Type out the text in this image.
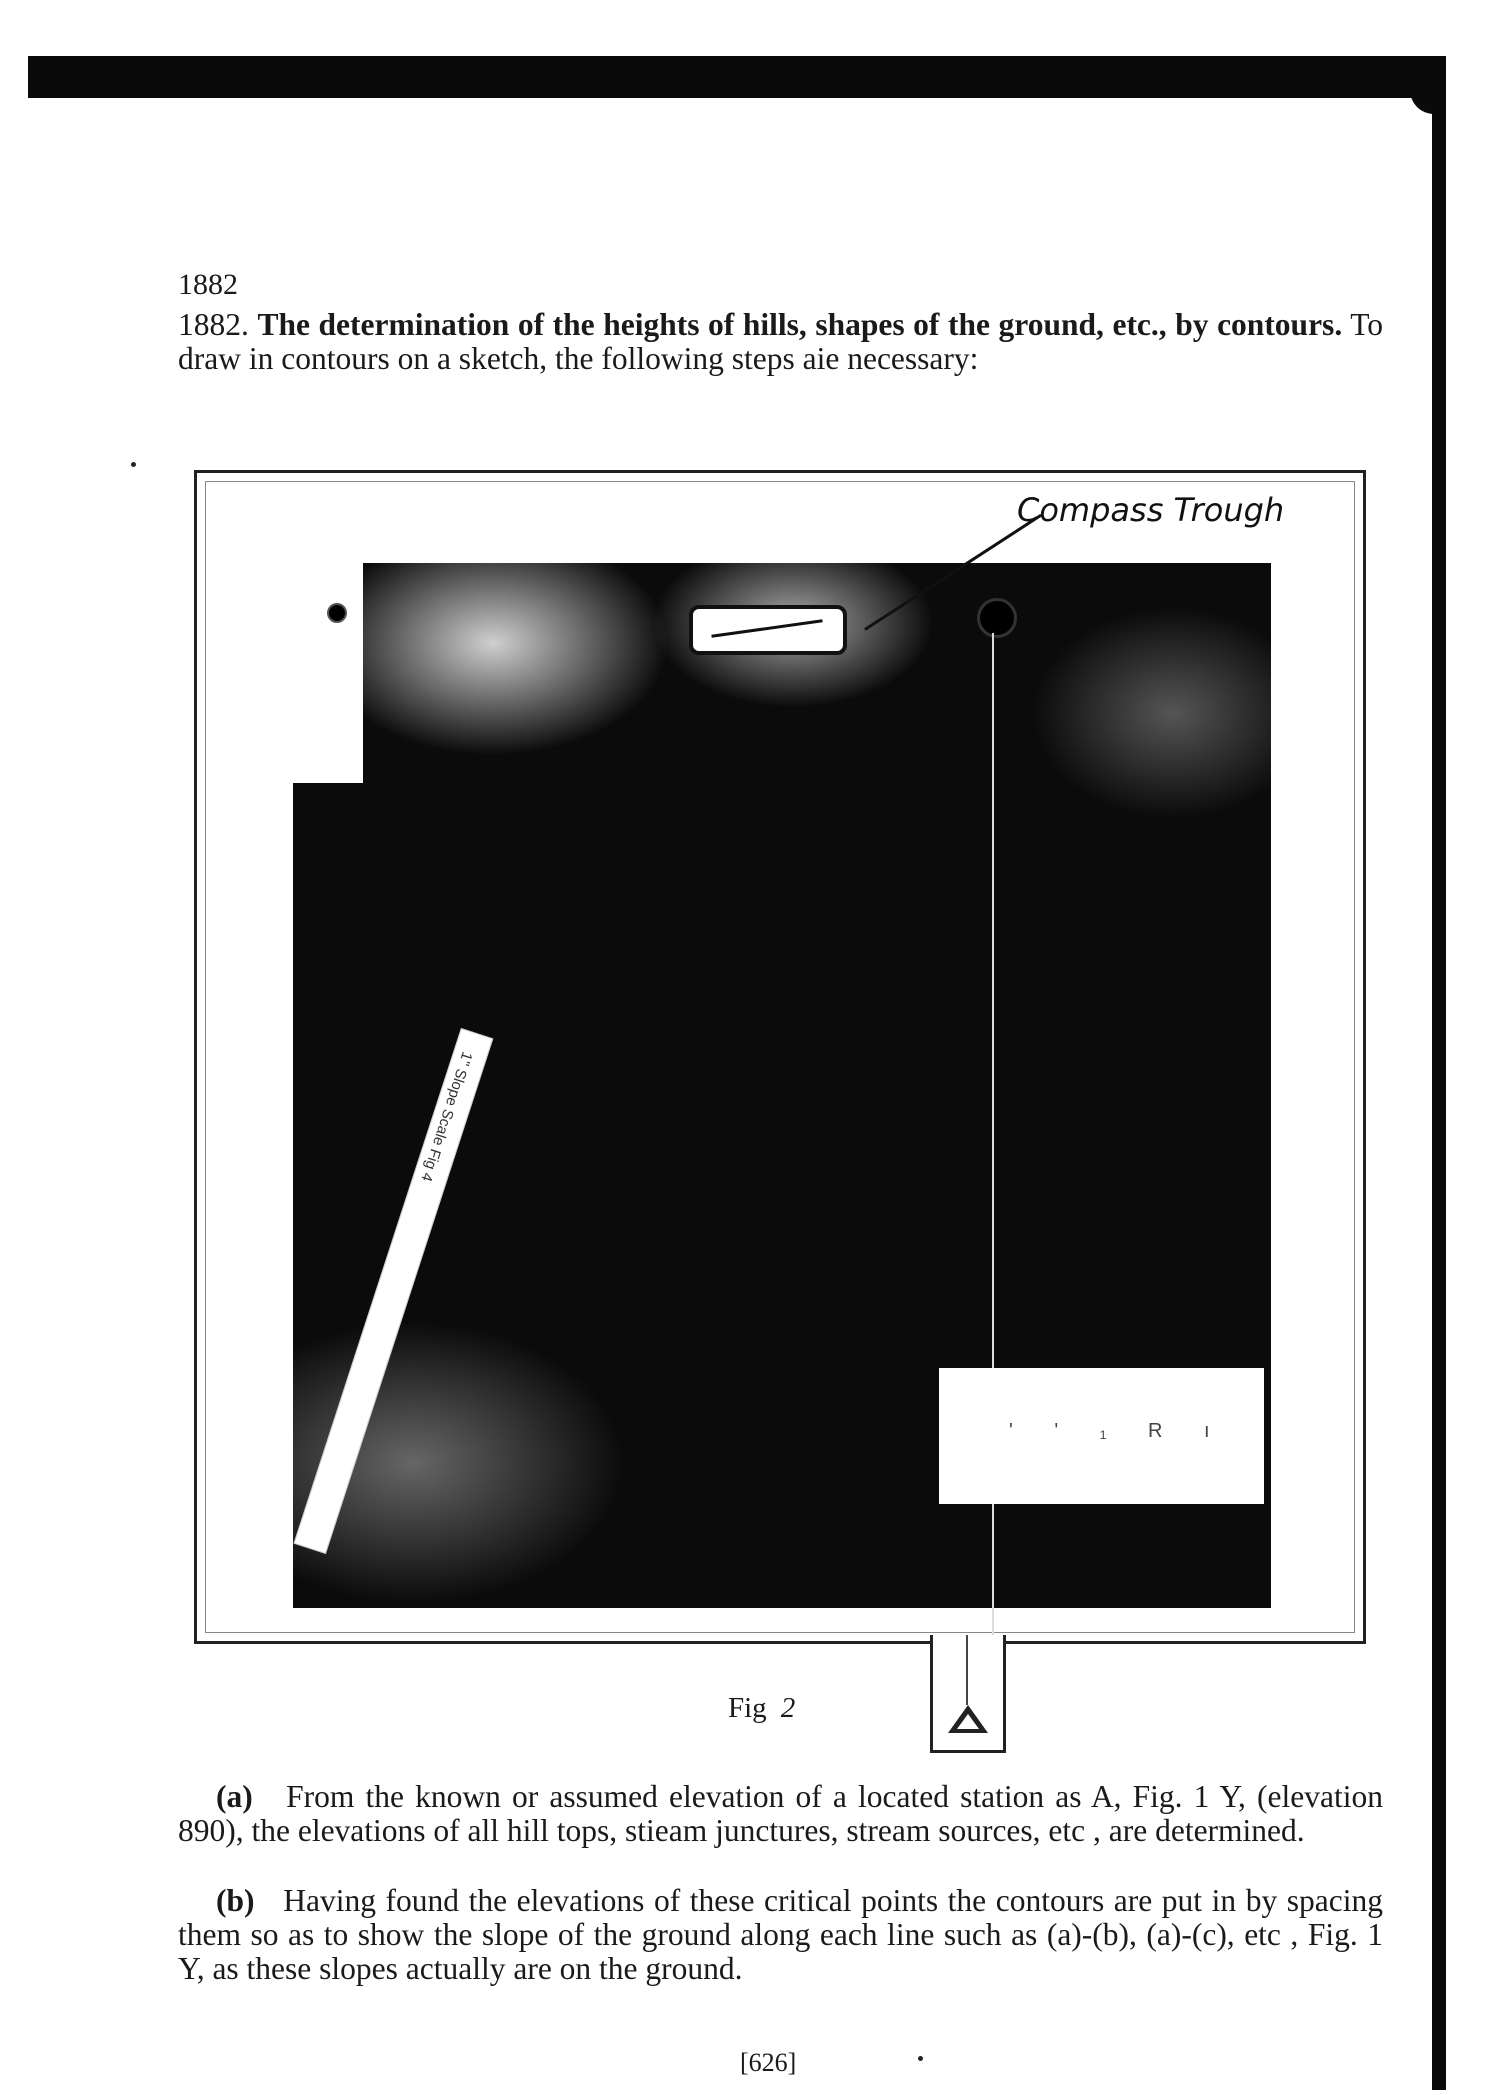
1882
1882. The determination of the heights of hills, shapes of the ground, etc., by contours. To draw in contours on a sketch, the following steps aie necessary:
' ' ₁ R ı
1" Slope Scale Fig 4
Compass Trough
Fig 2
(a) From the known or assumed elevation of a located station as A, Fig. 1 Y, (elevation 890), the elevations of all hill tops, stieam junctures, stream sources, etc , are determined.
(b) Having found the elevations of these critical points the contours are put in by spacing them so as to show the slope of the ground along each line such as (a)-(b), (a)-(c), etc , Fig. 1 Y, as these slopes actually are on the ground.
[626]
